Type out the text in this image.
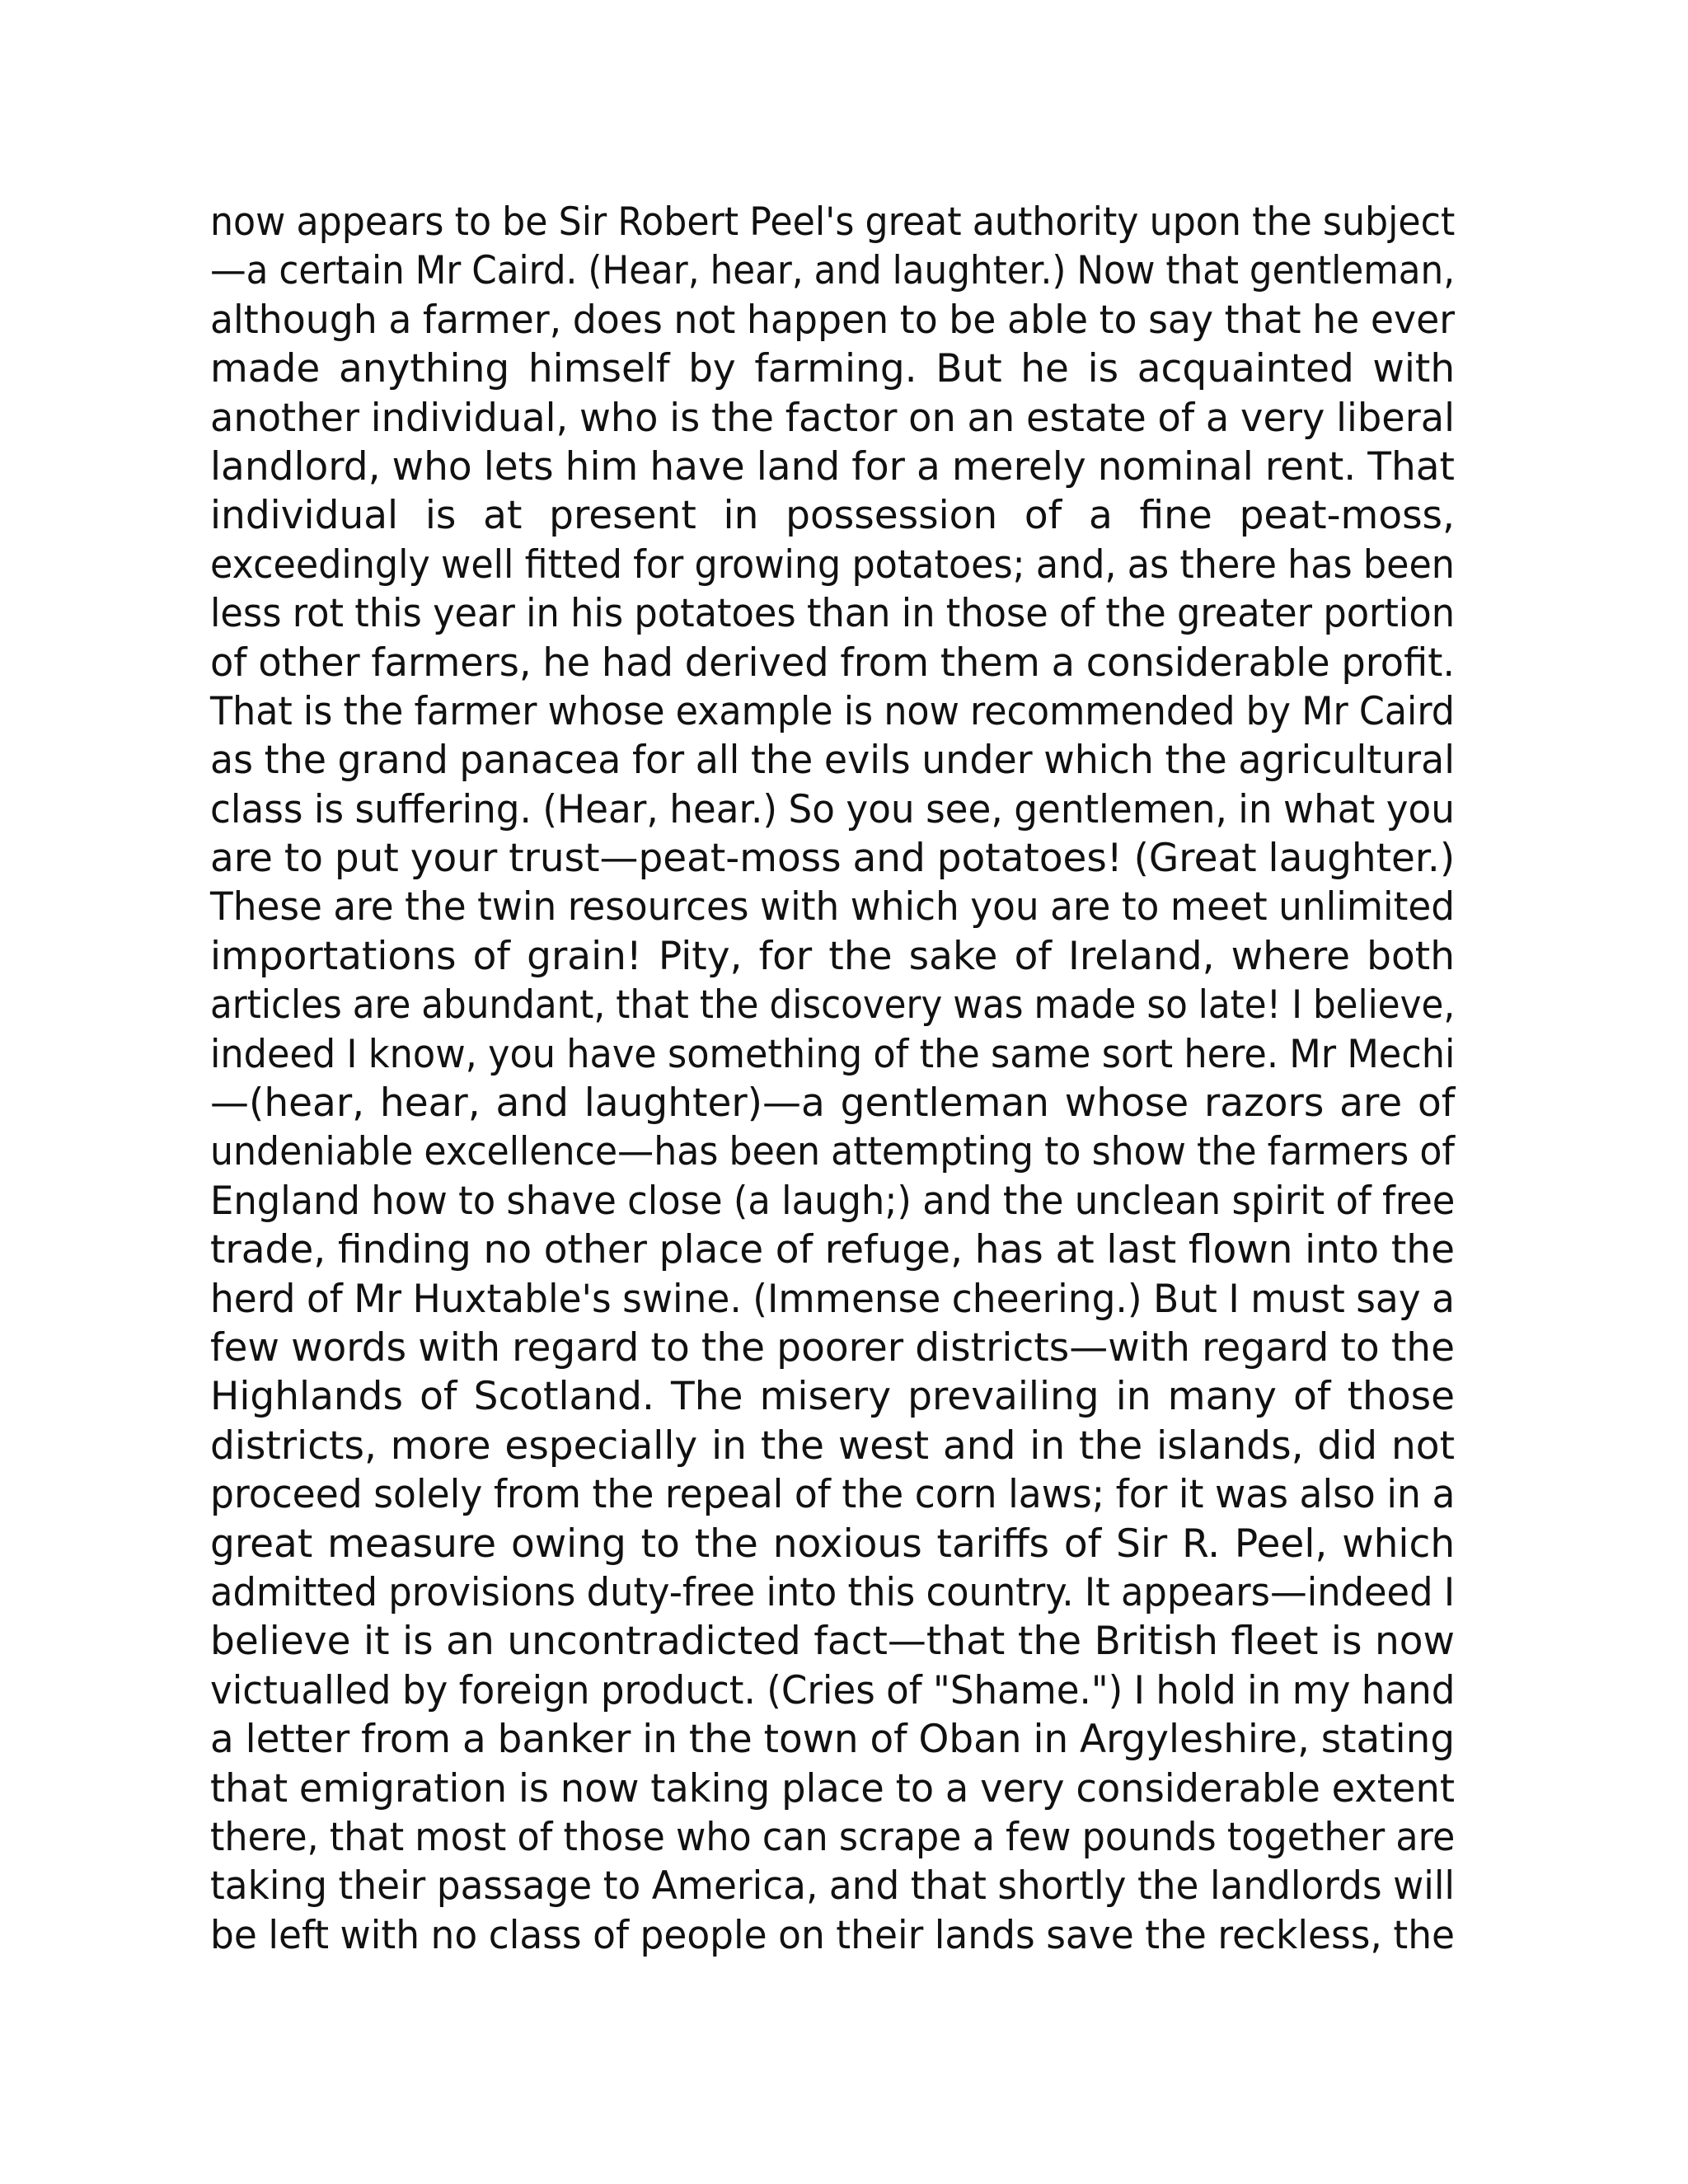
now appears to be Sir Robert Peel's great authority upon the subject
—a certain Mr Caird. (Hear, hear, and laughter.) Now that gentleman,
although a farmer, does not happen to be able to say that he ever
made anything himself by farming. But he is acquainted with
another individual, who is the factor on an estate of a very liberal
landlord, who lets him have land for a merely nominal rent. That
individual is at present in possession of a fine peat-moss,
exceedingly well fitted for growing potatoes; and, as there has been
less rot this year in his potatoes than in those of the greater portion
of other farmers, he had derived from them a considerable profit.
That is the farmer whose example is now recommended by Mr Caird
as the grand panacea for all the evils under which the agricultural
class is suffering. (Hear, hear.) So you see, gentlemen, in what you
are to put your trust—peat-moss and potatoes! (Great laughter.)
These are the twin resources with which you are to meet unlimited
importations of grain! Pity, for the sake of Ireland, where both
articles are abundant, that the discovery was made so late! I believe,
indeed I know, you have something of the same sort here. Mr Mechi
—(hear, hear, and laughter)—a gentleman whose razors are of
undeniable excellence—has been attempting to show the farmers of
England how to shave close (a laugh;) and the unclean spirit of free
trade, finding no other place of refuge, has at last flown into the
herd of Mr Huxtable's swine. (Immense cheering.) But I must say a
few words with regard to the poorer districts—with regard to the
Highlands of Scotland. The misery prevailing in many of those
districts, more especially in the west and in the islands, did not
proceed solely from the repeal of the corn laws; for it was also in a
great measure owing to the noxious tariffs of Sir R. Peel, which
admitted provisions duty-free into this country. It appears—indeed I
believe it is an uncontradicted fact—that the British fleet is now
victualled by foreign product. (Cries of "Shame.") I hold in my hand
a letter from a banker in the town of Oban in Argyleshire, stating
that emigration is now taking place to a very considerable extent
there, that most of those who can scrape a few pounds together are
taking their passage to America, and that shortly the landlords will
be left with no class of people on their lands save the reckless, the
